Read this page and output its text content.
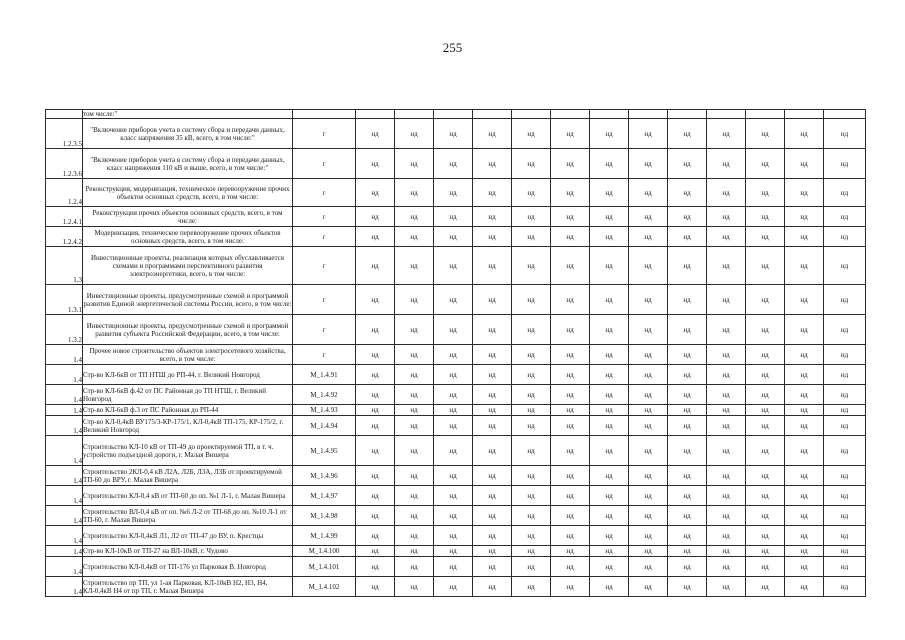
255
	том числе:"														
1.2.3.5	"Включение приборов учета в систему сбора и передачи данных, класс напряжения 35 кВ, всего, в том числе:"	г	нд	нд	нд	нд	нд	нд	нд	нд	нд	нд	нд	нд	нд
1.2.3.6	"Включение приборов учета в систему сбора и передачи данных, класс напряжения 110 кВ и выше, всего, в том числе:"	г	нд	нд	нд	нд	нд	нд	нд	нд	нд	нд	нд	нд	нд
1.2.4	Реконструкция, модернизация, техническое перевооружение прочих объектов основных средств, всего, в том числе:	г	нд	нд	нд	нд	нд	нд	нд	нд	нд	нд	нд	нд	нд
1.2.4.1	Реконструкция прочих объектов основных средств, всего, в том числе:	г	нд	нд	нд	нд	нд	нд	нд	нд	нд	нд	нд	нд	нд
1.2.4.2	Модернизация, техническое перевооружение прочих объектов основных средств, всего, в том числе:	г	нд	нд	нд	нд	нд	нд	нд	нд	нд	нд	нд	нд	нд
1.3	Инвестиционные проекты, реализация которых обуславливается схемами и программами перспективного развития электроэнергетики, всего, в том числе:	г	нд	нд	нд	нд	нд	нд	нд	нд	нд	нд	нд	нд	нд
1.3.1	Инвестиционные проекты, предусмотренные схемой и программой развития Единой энергетической системы России, всего, в том числе:	г	нд	нд	нд	нд	нд	нд	нд	нд	нд	нд	нд	нд	нд
1.3.2	Инвестиционные проекты, предусмотренные схемой и программой развития субъекта Российской Федерации, всего, в том числе:	г	нд	нд	нд	нд	нд	нд	нд	нд	нд	нд	нд	нд	нд
1.4	Прочее новое строительство объектов электросетевого хозяйства, всего, в том числе:	г	нд	нд	нд	нд	нд	нд	нд	нд	нд	нд	нд	нд	нд
1.4	Стр-во КЛ-6кВ от ТП НТШ до РП-44, г. Великий Новгород	M_1.4.91	нд	нд	нд	нд	нд	нд	нд	нд	нд	нд	нд	нд	нд
1.4	Стр-во КЛ-6кВ ф.42 от ПС Районная до ТП НТШ, г. Великий Новгород	M_1.4.92	нд	нд	нд	нд	нд	нд	нд	нд	нд	нд	нд	нд	нд
1.4	Стр-во КЛ-6кВ ф.3 от ПС Районная до РП-44	M_1.4.93	нд	нд	нд	нд	нд	нд	нд	нд	нд	нд	нд	нд	нд
1.4	Стр-во КЛ-0,4кВ ВУ175/3-КР-175/1, КЛ-0,4кВ ТП-175, КР-175/2, г. Великий Новгород	M_1.4.94	нд	нд	нд	нд	нд	нд	нд	нд	нд	нд	нд	нд	нд
1.4	Строительство КЛ-10 кВ от ТП-49 до проектируемой ТП, в т. ч. устройство подъездной дороги, г. Малая Вишера	M_1.4.95	нд	нд	нд	нд	нд	нд	нд	нд	нд	нд	нд	нд	нд
1.4	Строительство 2КЛ-0,4 кВ Л2А, Л2Б, Л3А, Л3Б от проектируемой ТП-60 до ВРУ, г. Малая Вишера	M_1.4.96	нд	нд	нд	нд	нд	нд	нд	нд	нд	нд	нд	нд	нд
1.4	Строительство КЛ-0,4 кВ от ТП-60 до оп. №1 Л-1, г. Малая Вишера	M_1.4.97	нд	нд	нд	нд	нд	нд	нд	нд	нд	нд	нд	нд	нд
1.4	Строительство ВЛ-0,4 кВ от оп. №6 Л-2 от ТП-68 до оп. №10 Л-1 от ТП-60, г. Малая Вишера	M_1.4.98	нд	нд	нд	нд	нд	нд	нд	нд	нд	нд	нд	нд	нд
1.4	Строительство КЛ-0,4кВ Л1, Л2 от ТП-47 до ВУ, п. Крестцы	M_1.4.99	нд	нд	нд	нд	нд	нд	нд	нд	нд	нд	нд	нд	нд
1.4	Стр-во КЛ-10кВ от ТП-27 на ВЛ-10кВ, г. Чудово	M_1.4.100	нд	нд	нд	нд	нд	нд	нд	нд	нд	нд	нд	нд	нд
1.4	Строительство КЛ-0,4кВ от ТП-176 ул Парковая В. Новгород	M_1.4.101	нд	нд	нд	нд	нд	нд	нд	нд	нд	нд	нд	нд	нд
1.4	Строительство пр ТП, ул 1-ая Парковая, КЛ-10кВ Н2, Н3, Н4, КЛ-0,4кВ Н4 от пр ТП, г. Малая Вишера	M_1.4.102	нд	нд	нд	нд	нд	нд	нд	нд	нд	нд	нд	нд	нд
